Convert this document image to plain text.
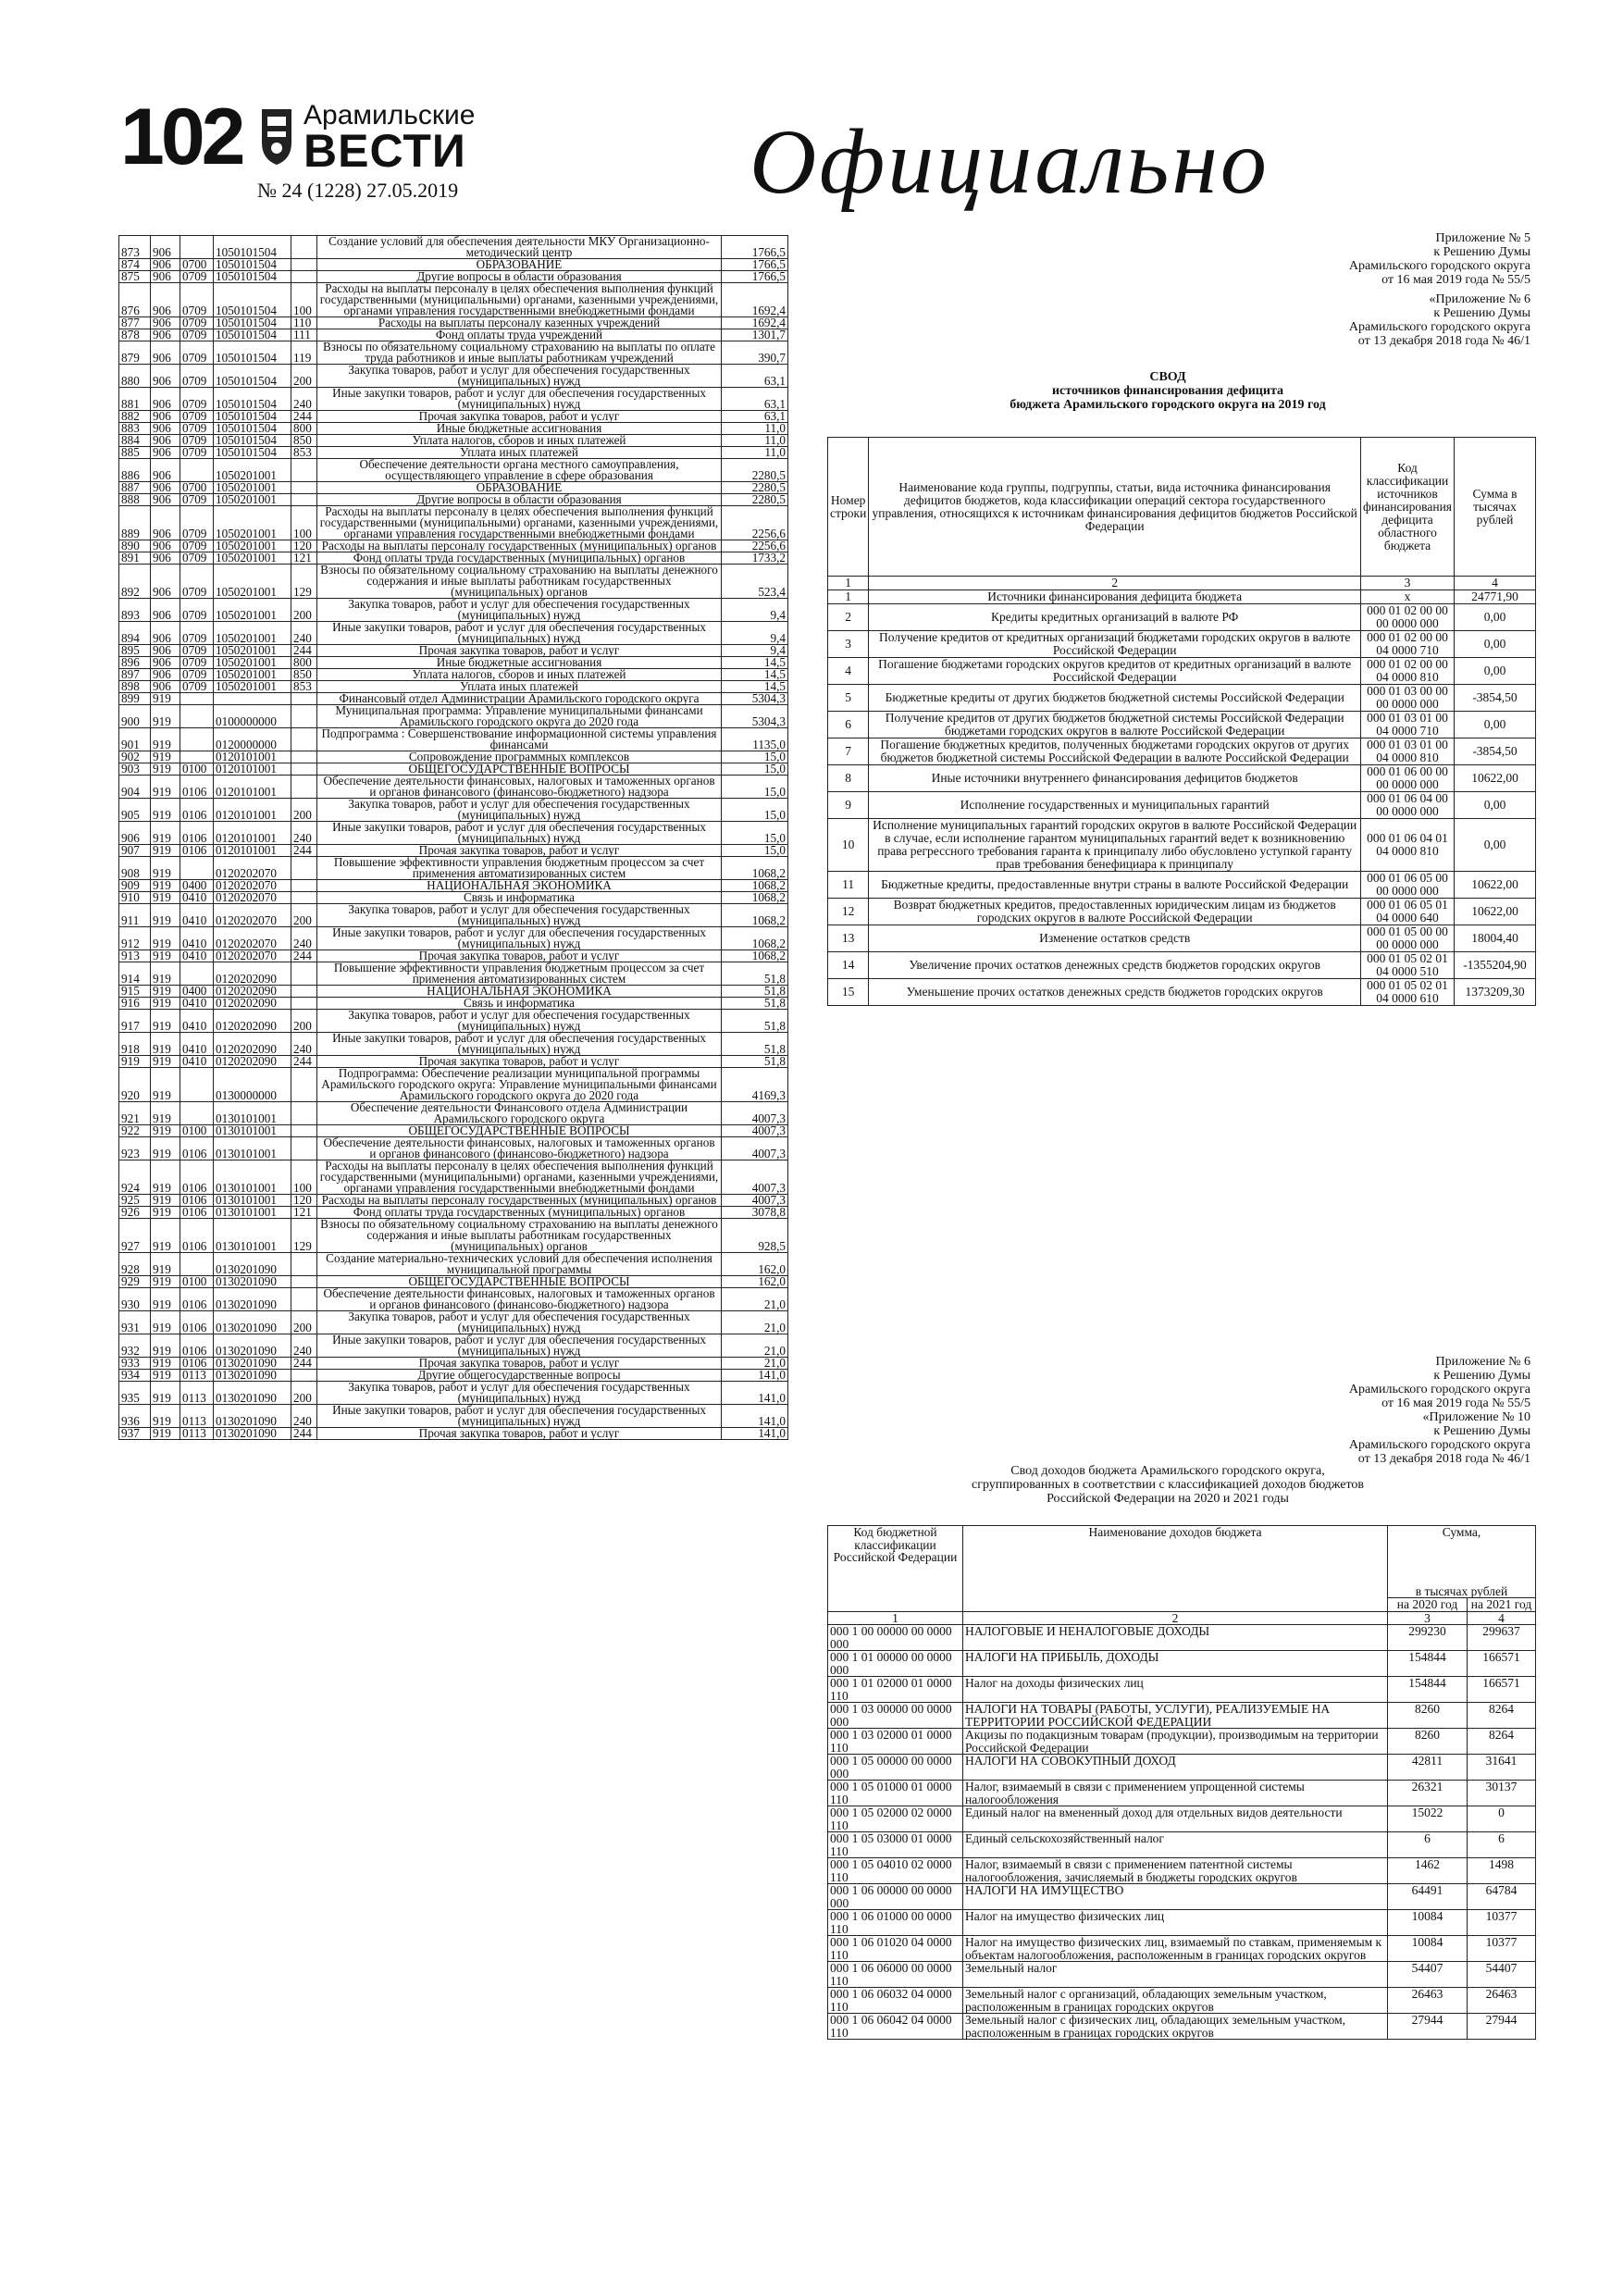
102 Арамильские
ВЕСТИ
№ 24 (1228) 27.05.2019	Официально
873	906		1050101504		Создание условий для обеспечения деятельности МКУ Организационно-методический центр	1766,5
874	906	0700	1050101504		ОБРАЗОВАНИЕ	1766,5
875	906	0709	1050101504		Другие вопросы в области образования	1766,5
876	906	0709	1050101504	100	Расходы на выплаты персоналу в целях обеспечения выполнения функций государственными (муниципальными) органами, казенными учреждениями, органами управления государственными внебюджетными фондами	1692,4
877	906	0709	1050101504	110	Расходы на выплаты персоналу казенных учреждений	1692,4
878	906	0709	1050101504	111	Фонд оплаты труда учреждений	1301,7
879	906	0709	1050101504	119	Взносы по обязательному социальному страхованию на выплаты по оплате труда работников и иные выплаты работникам учреждений	390,7
880	906	0709	1050101504	200	Закупка товаров, работ и услуг для обеспечения государственных (муниципальных) нужд	63,1
881	906	0709	1050101504	240	Иные закупки товаров, работ и услуг для обеспечения государственных (муниципальных) нужд	63,1
882	906	0709	1050101504	244	Прочая закупка товаров, работ и услуг	63,1
883	906	0709	1050101504	800	Иные бюджетные ассигнования	11,0
884	906	0709	1050101504	850	Уплата налогов, сборов и иных платежей	11,0
885	906	0709	1050101504	853	Уплата иных платежей	11,0
886	906		1050201001		Обеспечение деятельности органа местного самоуправления, осуществляющего управление в сфере образования	2280,5
887	906	0700	1050201001		ОБРАЗОВАНИЕ	2280,5
888	906	0709	1050201001		Другие вопросы в области образования	2280,5
889	906	0709	1050201001	100	Расходы на выплаты персоналу в целях обеспечения выполнения функций государственными (муниципальными) органами, казенными учреждениями, органами управления государственными внебюджетными фондами	2256,6
890	906	0709	1050201001	120	Расходы на выплаты персоналу государственных (муниципальных) органов	2256,6
891	906	0709	1050201001	121	Фонд оплаты труда государственных (муниципальных) органов	1733,2
892	906	0709	1050201001	129	Взносы по обязательному социальному страхованию на выплаты денежного содержания и иные выплаты работникам государственных (муниципальных) органов	523,4
893	906	0709	1050201001	200	Закупка товаров, работ и услуг для обеспечения государственных (муниципальных) нужд	9,4
894	906	0709	1050201001	240	Иные закупки товаров, работ и услуг для обеспечения государственных (муниципальных) нужд	9,4
895	906	0709	1050201001	244	Прочая закупка товаров, работ и услуг	9,4
896	906	0709	1050201001	800	Иные бюджетные ассигнования	14,5
897	906	0709	1050201001	850	Уплата налогов, сборов и иных платежей	14,5
898	906	0709	1050201001	853	Уплата иных платежей	14,5
899	919				Финансовый отдел Администрации Арамильского городского округа	5304,3
900	919		0100000000		Муниципальная программа: Управление муниципальными финансами Арамильского городского округа до 2020 года	5304,3
901	919		0120000000		Подпрограмма : Совершенствование информационной системы управления финансами	1135,0
902	919		0120101001		Сопровождение программных комплексов	15,0
903	919	0100	0120101001		ОБЩЕГОСУДАРСТВЕННЫЕ ВОПРОСЫ	15,0
904	919	0106	0120101001		Обеспечение деятельности финансовых, налоговых и таможенных органов и органов финансового (финансово-бюджетного) надзора	15,0
905	919	0106	0120101001	200	Закупка товаров, работ и услуг для обеспечения государственных (муниципальных) нужд	15,0
906	919	0106	0120101001	240	Иные закупки товаров, работ и услуг для обеспечения государственных (муниципальных) нужд	15,0
907	919	0106	0120101001	244	Прочая закупка товаров, работ и услуг	15,0
908	919		0120202070		Повышение эффективности управления бюджетным процессом за счет применения автоматизированных систем	1068,2
909	919	0400	0120202070		НАЦИОНАЛЬНАЯ ЭКОНОМИКА	1068,2
910	919	0410	0120202070		Связь и информатика	1068,2
911	919	0410	0120202070	200	Закупка товаров, работ и услуг для обеспечения государственных (муниципальных) нужд	1068,2
912	919	0410	0120202070	240	Иные закупки товаров, работ и услуг для обеспечения государственных (муниципальных) нужд	1068,2
913	919	0410	0120202070	244	Прочая закупка товаров, работ и услуг	1068,2
914	919		0120202090		Повышение эффективности управления бюджетным процессом за счет применения автоматизированных систем	51,8
915	919	0400	0120202090		НАЦИОНАЛЬНАЯ ЭКОНОМИКА	51,8
916	919	0410	0120202090		Связь и информатика	51,8
917	919	0410	0120202090	200	Закупка товаров, работ и услуг для обеспечения государственных (муниципальных) нужд	51,8
918	919	0410	0120202090	240	Иные закупки товаров, работ и услуг для обеспечения государственных (муниципальных) нужд	51,8
919	919	0410	0120202090	244	Прочая закупка товаров, работ и услуг	51,8
920	919		0130000000		Подпрограмма: Обеспечение реализации муниципальной программы Арамильского городского округа: Управление муниципальными финансами Арамильского городского округа до 2020 года	4169,3
921	919		0130101001		Обеспечение деятельности Финансового отдела Администрации Арамильского городского округа	4007,3
922	919	0100	0130101001		ОБЩЕГОСУДАРСТВЕННЫЕ ВОПРОСЫ	4007,3
923	919	0106	0130101001		Обеспечение деятельности финансовых, налоговых и таможенных органов и органов финансового (финансово-бюджетного) надзора	4007,3
924	919	0106	0130101001	100	Расходы на выплаты персоналу в целях обеспечения выполнения функций государственными (муниципальными) органами, казенными учреждениями, органами управления государственными внебюджетными фондами	4007,3
925	919	0106	0130101001	120	Расходы на выплаты персоналу государственных (муниципальных) органов	4007,3
926	919	0106	0130101001	121	Фонд оплаты труда государственных (муниципальных) органов	3078,8
927	919	0106	0130101001	129	Взносы по обязательному социальному страхованию на выплаты денежного содержания и иные выплаты работникам государственных (муниципальных) органов	928,5
928	919		0130201090		Создание материально-технических условий для обеспечения исполнения муниципальной программы	162,0
929	919	0100	0130201090		ОБЩЕГОСУДАРСТВЕННЫЕ ВОПРОСЫ	162,0
930	919	0106	0130201090		Обеспечение деятельности финансовых, налоговых и таможенных органов и органов финансового (финансово-бюджетного) надзора	21,0
931	919	0106	0130201090	200	Закупка товаров, работ и услуг для обеспечения государственных (муниципальных) нужд	21,0
932	919	0106	0130201090	240	Иные закупки товаров, работ и услуг для обеспечения государственных (муниципальных) нужд	21,0
933	919	0106	0130201090	244	Прочая закупка товаров, работ и услуг	21,0
934	919	0113	0130201090		Другие общегосударственные вопросы	141,0
935	919	0113	0130201090	200	Закупка товаров, работ и услуг для обеспечения государственных (муниципальных) нужд	141,0
936	919	0113	0130201090	240	Иные закупки товаров, работ и услуг для обеспечения государственных (муниципальных) нужд	141,0
937	919	0113	0130201090	244	Прочая закупка товаров, работ и услуг	141,0
Приложение № 5
к Решению Думы
Арамильского городского округа
от 16 мая 2019 года № 55/5
«Приложение № 6
к Решению Думы
Арамильского городского округа
от 13 декабря 2018 года № 46/1
СВОД
источников финансирования дефицита
бюджета Арамильского городского округа на 2019 год
Номер строки	Наименование кода группы, подгруппы, статьи, вида источника финансирования дефицитов бюджетов, кода классификации операций сектора государственного управления, относящихся к источникам финансирования дефицитов бюджетов Российской Федерации	Код классификации источников финансирования дефицита областного бюджета	Сумма в тысячах рублей
1	2	3	4
1	Источники финансирования дефицита бюджета	x	24771,90
2	Кредиты кредитных организаций в валюте РФ	000 01 02 00 00 00 0000 000	0,00
3	Получение кредитов от кредитных организаций бюджетами городских округов в валюте Российской Федерации	000 01 02 00 00 04 0000 710	0,00
4	Погашение бюджетами городских округов кредитов от кредитных организаций в валюте Российской Федерации	000 01 02 00 00 04 0000 810	0,00
5	Бюджетные кредиты от других бюджетов бюджетной системы Российской Федерации	000 01 03 00 00 00 0000 000	-3854,50
6	Получение кредитов от других бюджетов бюджетной системы Российской Федерации бюджетами городских округов в валюте Российской Федерации	000 01 03 01 00 04 0000 710	0,00
7	Погашение бюджетных кредитов, полученных бюджетами городских округов от других бюджетов бюджетной системы Российской Федерации в валюте Российской Федерации	000 01 03 01 00 04 0000 810	-3854,50
8	Иные источники внутреннего финансирования дефицитов бюджетов	000 01 06 00 00 00 0000 000	10622,00
9	Исполнение государственных и муниципальных гарантий	000 01 06 04 00 00 0000 000	0,00
10	Исполнение муниципальных гарантий городских округов в валюте Российской Федерации в случае, если исполнение гарантом муниципальных гарантий ведет к возникновению права регрессного требования гаранта к принципалу либо обусловлено уступкой гаранту прав требования бенефициара к принципалу	000 01 06 04 01 04 0000 810	0,00
11	Бюджетные кредиты, предоставленные внутри страны в валюте Российской Федерации	000 01 06 05 00 00 0000 000	10622,00
12	Возврат бюджетных кредитов, предоставленных юридическим лицам из бюджетов городских округов в валюте Российской Федерации	000 01 06 05 01 04 0000 640	10622,00
13	Изменение остатков средств	000 01 05 00 00 00 0000 000	18004,40
14	Увеличение прочих остатков денежных средств бюджетов городских округов	000 01 05 02 01 04 0000 510	-1355204,90
15	Уменьшение прочих остатков денежных средств бюджетов городских округов	000 01 05 02 01 04 0000 610	1373209,30
Приложение № 6
к Решению Думы
Арамильского городского округа
от 16 мая 2019 года № 55/5
«Приложение № 10
к Решению Думы
Арамильского городского округа
от 13 декабря 2018 года № 46/1
Свод доходов бюджета Арамильского городского округа,
сгруппированных в соответствии с классификацией доходов бюджетов
Российской Федерации на 2020 и 2021 годы
Код бюджетной классификации Российской Федерации	Наименование доходов бюджета	Сумма,	
		в тысячах рублей	
		на 2020 год	на 2021 год
1	2	3	4
000 1 00 00000 00 0000 000	НАЛОГОВЫЕ И НЕНАЛОГОВЫЕ ДОХОДЫ	299230	299637
000 1 01 00000 00 0000 000	НАЛОГИ НА ПРИБЫЛЬ, ДОХОДЫ	154844	166571
000 1 01 02000 01 0000 110	Налог на доходы физических лиц	154844	166571
000 1 03 00000 00 0000 000	НАЛОГИ НА ТОВАРЫ (РАБОТЫ, УСЛУГИ), РЕАЛИЗУЕМЫЕ НА ТЕРРИТОРИИ РОССИЙСКОЙ ФЕДЕРАЦИИ	8260	8264
000 1 03 02000 01 0000 110	Акцизы по подакцизным товарам (продукции), производимым на территории Российской Федерации	8260	8264
000 1 05 00000 00 0000 000	НАЛОГИ НА СОВОКУПНЫЙ ДОХОД	42811	31641
000 1 05 01000 01 0000 110	Налог, взимаемый в связи с применением упрощенной системы налогообложения	26321	30137
000 1 05 02000 02 0000 110	Единый налог на вмененный доход для отдельных видов деятельности	15022	0
000 1 05 03000 01 0000 110	Единый сельскохозяйственный налог	6	6
000 1 05 04010 02 0000 110	Налог, взимаемый в связи с применением патентной системы налогообложения, зачисляемый в бюджеты городских округов	1462	1498
000 1 06 00000 00 0000 000	НАЛОГИ НА ИМУЩЕСТВО	64491	64784
000 1 06 01000 00 0000 110	Налог на имущество физических лиц	10084	10377
000 1 06 01020 04 0000 110	Налог на имущество физических лиц, взимаемый по ставкам, применяемым к объектам налогообложения, расположенным в границах городских округов	10084	10377
000 1 06 06000 00 0000 110	Земельный налог	54407	54407
000 1 06 06032 04 0000 110	Земельный налог с организаций, обладающих земельным участком, расположенным в границах городских округов	26463	26463
000 1 06 06042 04 0000 110	Земельный налог с физических лиц, обладающих земельным участком, расположенным в границах городских округов	27944	27944
